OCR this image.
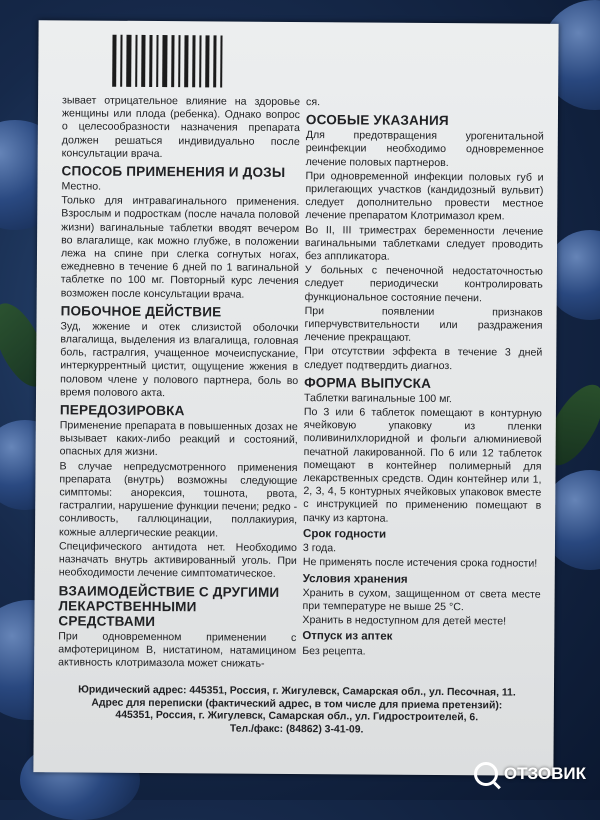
зывает отрицательное влияние на здоровье женщины или плода (ребенка). Однако вопрос о целесообразности назначения препарата должен решаться индивидуально после консультации врача.

СПОСОБ ПРИМЕНЕНИЯ И ДОЗЫ

Местно.

Только для интравагинального применения. Взрослым и подросткам (после начала половой жизни) вагинальные таблетки вводят вечером во влагалище, как можно глубже, в положении лежа на спине при слегка согнутых ногах, ежедневно в течение 6 дней по 1 вагинальной таблетке по 100 мг. Повторный курс лечения возможен после консультации врача.

ПОБОЧНОЕ ДЕЙСТВИЕ

Зуд, жжение и отек слизистой оболочки влагалища, выделения из влагалища, головная боль, гастралгия, учащенное мочеиспускание, интеркуррентный цистит, ощущение жжения в половом члене у полового партнера, боль во время полового акта.

ПЕРЕДОЗИРОВКА

Применение препарата в повышенных дозах не вызывает каких-либо реакций и состояний, опасных для жизни.

В случае непредусмотренного применения препарата (внутрь) возможны следующие симптомы: анорексия, тошнота, рвота, гастралгии, нарушение функции печени; редко - сонливость, галлюцинации, поллакиурия, кожные аллергические реакции.

Специфического антидота нет. Необходимо назначать внутрь активированный уголь. При необходимости лечение симптоматическое.

ВЗАИМОДЕЙСТВИЕ С ДРУГИМИ ЛЕКАРСТВЕННЫМИ СРЕДСТВАМИ

При одновременном применении с амфотерицином В, нистатином, натамицином активность клотримазола может снижать-

ся.

ОСОБЫЕ УКАЗАНИЯ

Для предотвращения урогенитальной реинфекции необходимо одновременное лечение половых партнеров.

При одновременной инфекции половых губ и прилегающих участков (кандидозный вульвит) следует дополнительно провести местное лечение препаратом Клотримазол крем.

Во II, III триместрах беременности лечение вагинальными таблетками следует проводить без аппликатора.

У больных с печеночной недостаточностью следует периодически контролировать функциональное состояние печени.

При появлении признаков гиперчувствительности или раздражения лечение прекращают.

При отсутствии эффекта в течение 3 дней следует подтвердить диагноз.

ФОРМА ВЫПУСКА

Таблетки вагинальные 100 мг.

По 3 или 6 таблеток помещают в контурную ячейковую упаковку из пленки поливинилхлоридной и фольги алюминиевой печатной лакированной. По 6 или 12 таблеток помещают в контейнер полимерный для лекарственных средств. Один контейнер или 1, 2, 3, 4, 5 контурных ячейковых упаковок вместе с инструкцией по применению помещают в пачку из картона.

Срок годности

3 года.

Не применять после истечения срока годности!

Условия хранения

Хранить в сухом, защищенном от света месте при температуре не выше 25 °С.

Хранить в недоступном для детей месте!

Отпуск из аптек

Без рецепта.

Юридический адрес: 445351, Россия, г. Жигулевск, Самарская обл., ул. Песочная, 11.
Адрес для переписки (фактический адрес, в том числе для приема претензий):
445351, Россия, г. Жигулевск, Самарская обл., ул. Гидростроителей, 6.
Тел./факс: (84862) 3-41-09.
ОТЗОВИК
